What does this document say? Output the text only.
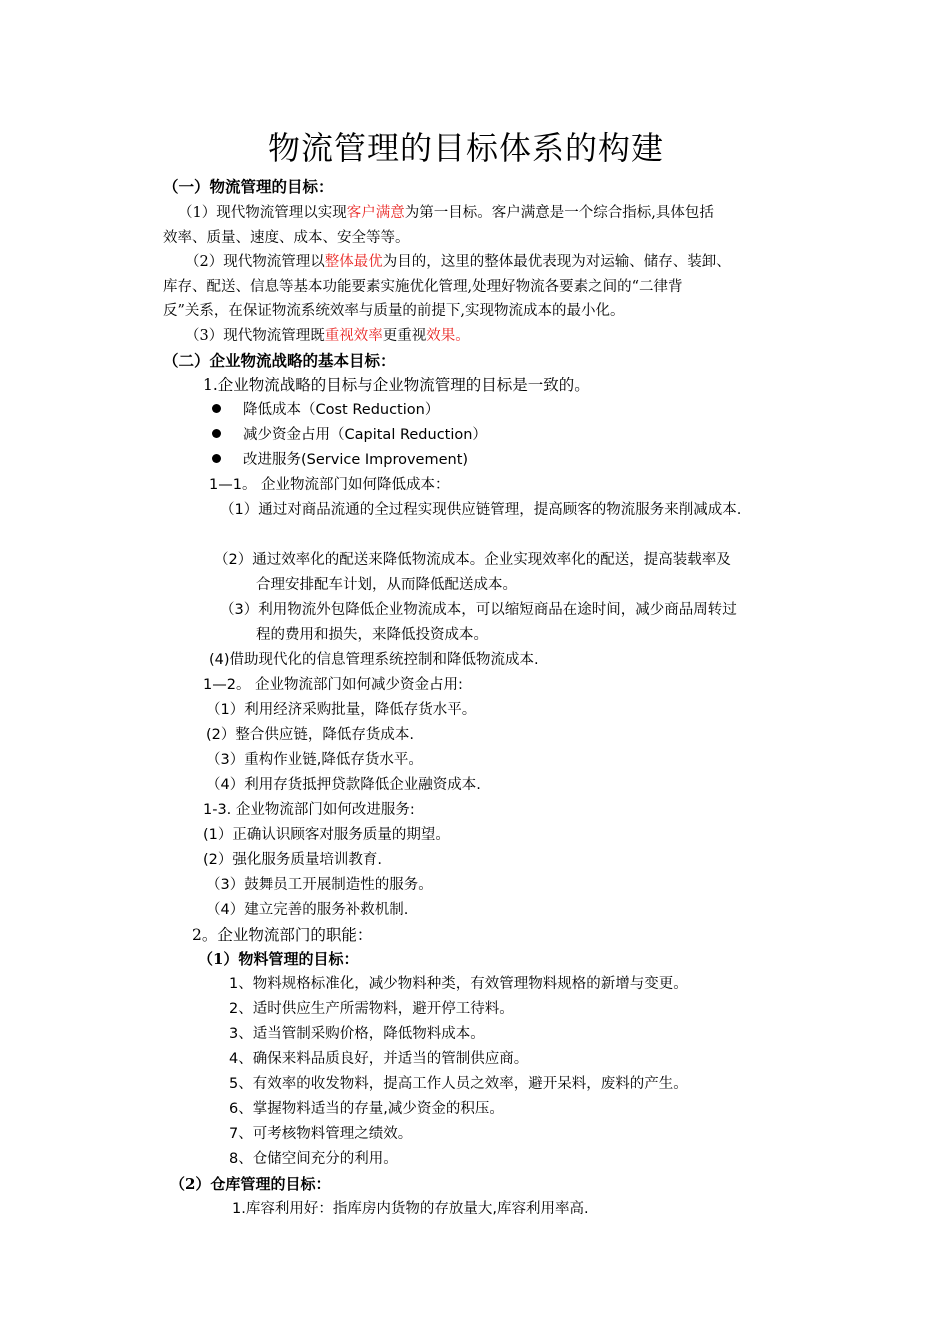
物流管理的目标体系的构建
（一）物流管理的目标：
（1）现代物流管理以实现客户满意为第一目标。客户满意是一个综合指标,具体包括
效率、质量、速度、成本、安全等等。
（2）现代物流管理以整体最优为目的，这里的整体最优表现为对运输、储存、装卸、
库存、配送、信息等基本功能要素实施优化管理,处理好物流各要素之间的“二律背
反”关系，在保证物流系统效率与质量的前提下,实现物流成本的最小化。
（3）现代物流管理既重视效率更重视效果。
（二）企业物流战略的基本目标：
1.企业物流战略的目标与企业物流管理的目标是一致的。
降低成本（Cost Reduction）
减少资金占用（Capital Reduction）
改进服务(Service Improvement)
1—1。 企业物流部门如何降低成本：
（1）通过对商品流通的全过程实现供应链管理，提高顾客的物流服务来削减成本.
（2）通过效率化的配送来降低物流成本。企业实现效率化的配送，提高装载率及
合理安排配车计划，从而降低配送成本。
（3）利用物流外包降低企业物流成本，可以缩短商品在途时间，减少商品周转过
程的费用和损失，来降低投资成本。
(4)借助现代化的信息管理系统控制和降低物流成本.
1—2。 企业物流部门如何减少资金占用:
（1）利用经济采购批量，降低存货水平。
(2）整合供应链，降低存货成本.
（3）重构作业链,降低存货水平。
（4）利用存货抵押贷款降低企业融资成本.
1-3. 企业物流部门如何改进服务:
(1）正确认识顾客对服务质量的期望。
(2）强化服务质量培训教育.
（3）鼓舞员工开展制造性的服务。
（4）建立完善的服务补救机制.
2。企业物流部门的职能：
（1）物料管理的目标：
1、物料规格标准化，减少物料种类，有效管理物料规格的新增与变更。
2、适时供应生产所需物料，避开停工待料。
3、适当管制采购价格，降低物料成本。
4、确保来料品质良好，并适当的管制供应商。
5、有效率的收发物料，提高工作人员之效率，避开呆料，废料的产生。
6、掌握物料适当的存量,减少资金的积压。
7、可考核物料管理之绩效。
8、仓储空间充分的利用。
（2）仓库管理的目标：
1.库容利用好：指库房内货物的存放量大,库容利用率高.
